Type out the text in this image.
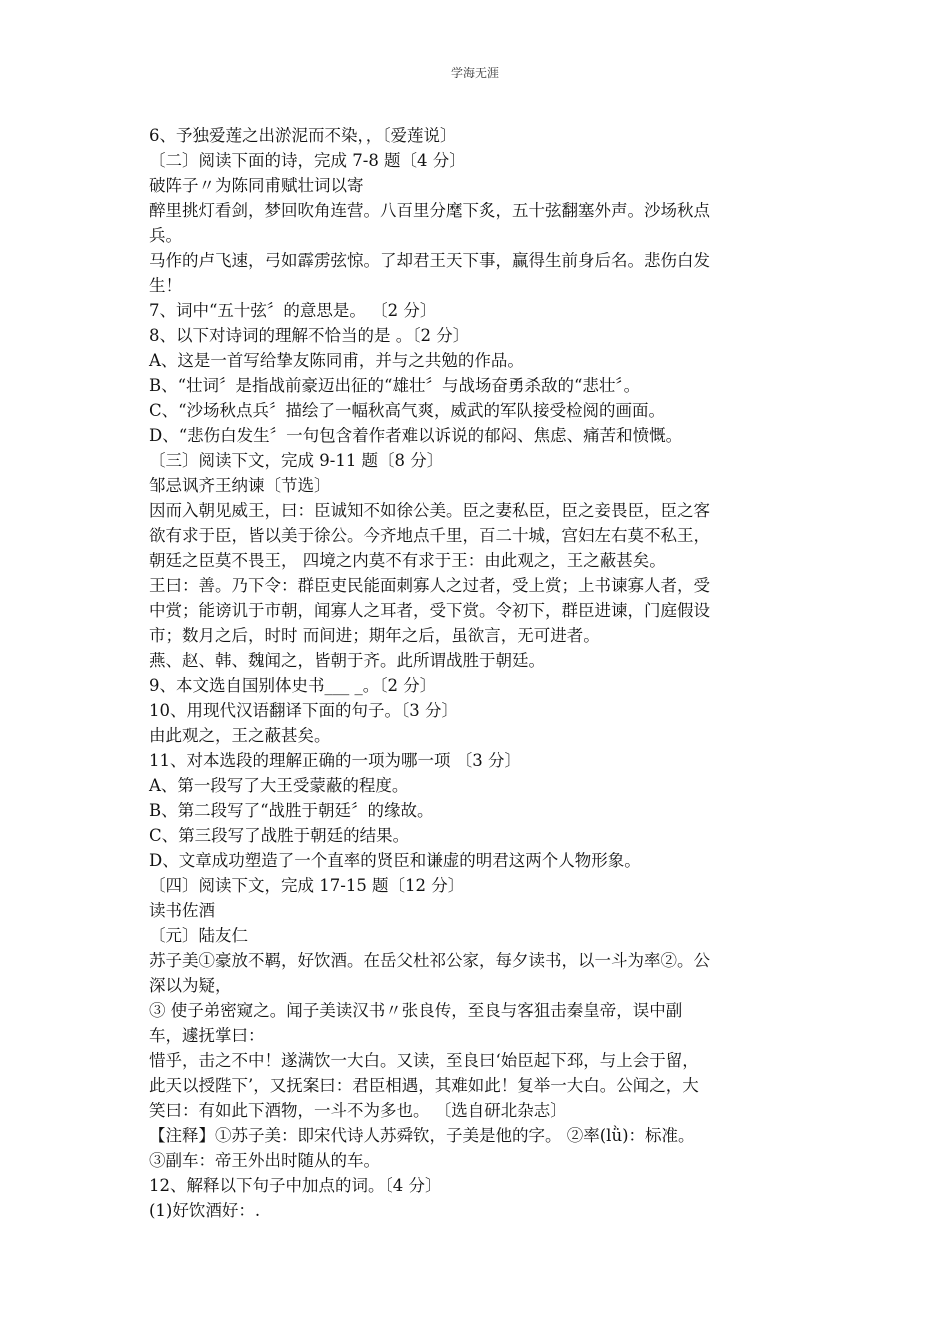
学海无涯
6、予独爱莲之出淤泥而不染，，〔爱莲说〕
〔二〕阅读下面的诗，完成 7-8 题〔4 分〕
破阵子〃为陈同甫赋壮词以寄
醉里挑灯看剑，梦回吹角连营。八百里分麾下炙，五十弦翻塞外声。沙场秋点
兵。
马作的卢飞速，弓如霹雳弦惊。了却君王天下事，赢得生前身后名。悲伤白发
生！
7、词中“五十弦〞的意思是。 〔2 分〕
8、以下对诗词的理解不恰当的是 。〔2 分〕
A、这是一首写给挚友陈同甫，并与之共勉的作品。
B、“壮词〞是指战前豪迈出征的“雄壮〞与战场奋勇杀敌的“悲壮〞。
C、“沙场秋点兵〞描绘了一幅秋高气爽，威武的军队接受检阅的画面。
D、“悲伤白发生〞一句包含着作者难以诉说的郁闷、焦虑、痛苦和愤慨。
〔三〕阅读下文，完成 9-11 题〔8 分〕
邹忌讽齐王纳谏〔节选〕
因而入朝见威王，曰：臣诚知不如徐公美。臣之妻私臣，臣之妾畏臣，臣之客
欲有求于臣，皆以美于徐公。今齐地点千里，百二十城，宫妇左右莫不私王，
朝廷之臣莫不畏王， 四境之内莫不有求于王：由此观之，王之蔽甚矣。
王曰：善。乃下令：群臣吏民能面刺寡人之过者，受上赏；上书谏寡人者，受
中赏；能谤讥于市朝，闻寡人之耳者，受下赏。令初下，群臣进谏，门庭假设
市；数月之后，时时 而间进；期年之后，虽欲言，无可进者。
燕、赵、韩、魏闻之，皆朝于齐。此所谓战胜于朝廷。
9、本文选自国别体史书___ _。〔2 分〕
10、用现代汉语翻译下面的句子。〔3 分〕
由此观之，王之蔽甚矣。
11、对本选段的理解正确的一项为哪一项 〔3 分〕
A、第一段写了大王受蒙蔽的程度。
B、第二段写了“战胜于朝廷〞的缘故。
C、第三段写了战胜于朝廷的结果。
D、文章成功塑造了一个直率的贤臣和谦虚的明君这两个人物形象。
〔四〕阅读下文，完成 17-15 题〔12 分〕
读书佐酒
〔元〕陆友仁
苏子美①豪放不羁，好饮酒。在岳父杜祁公家，每夕读书，以一斗为率②。公
深以为疑，
③ 使子弟密窥之。闻子美读汉书〃张良传，至良与客狙击秦皇帝，误中副
车，遽抚掌曰：
惜乎，击之不中！遂满饮一大白。又读，至良曰‘始臣起下邳，与上会于留，
此天以授陛下’，又抚案曰：君臣相遇，其难如此！复举一大白。公闻之，大
笑曰：有如此下酒物，一斗不为多也。 〔选自研北杂志〕
【注释】①苏子美：即宋代诗人苏舜钦，子美是他的字。 ②率(lǜ)：标准。
③副车：帝王外出时随从的车。
12、解释以下句子中加点的词。〔4 分〕
(1)好饮酒好：.
